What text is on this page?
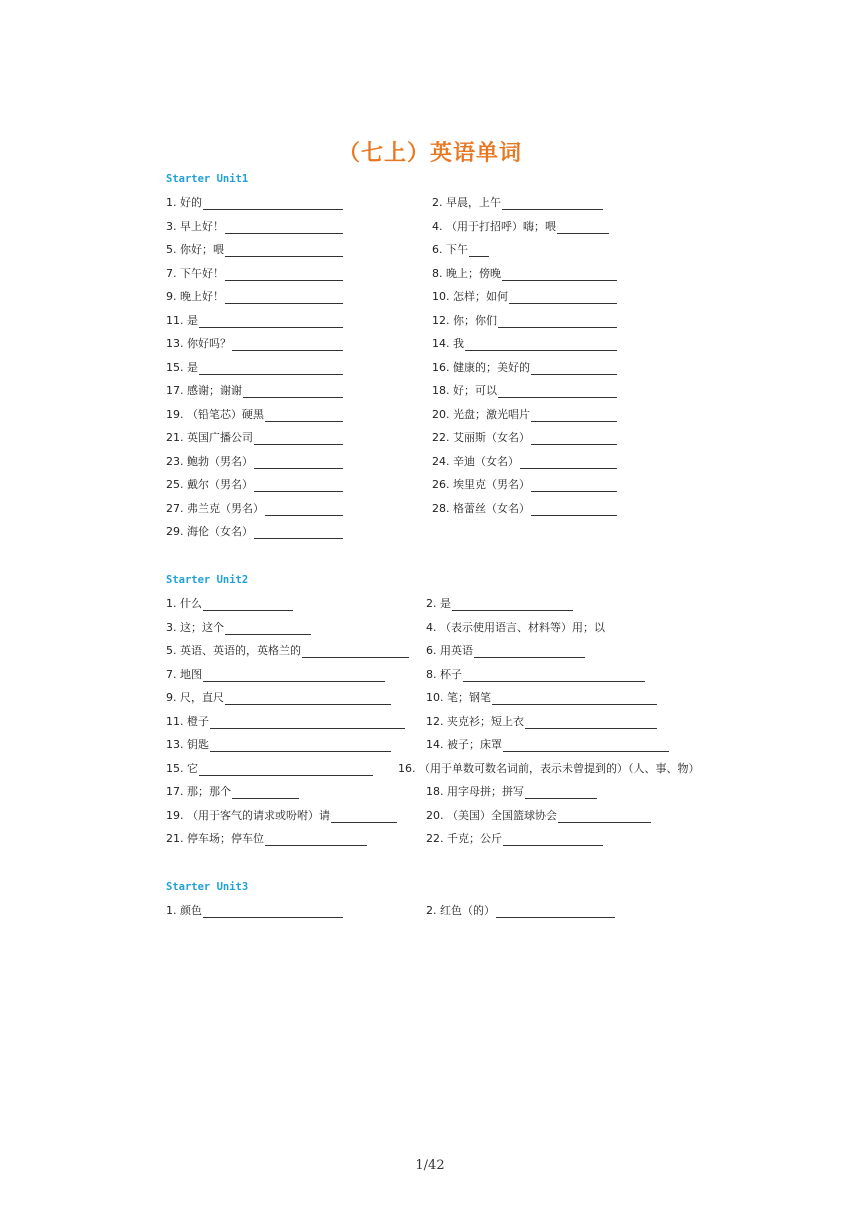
（七上）英语单词
Starter Unit1
Starter Unit2
Starter Unit3
1. 好的	2. 早晨，上午
3. 早上好！	4. （用于打招呼）嗨；喂
5. 你好；喂	6. 下午
7. 下午好！	8. 晚上；傍晚
9. 晚上好！	10. 怎样；如何
11. 是	12. 你；你们
13. 你好吗？	14. 我
15. 是	16. 健康的；美好的
17. 感谢；谢谢	18. 好；可以
19. （铅笔芯）硬黑	20. 光盘；激光唱片
21. 英国广播公司	22. 艾丽斯（女名）
23. 鲍勃（男名）	24. 辛迪（女名）
25. 戴尔（男名）	26. 埃里克（男名）
27. 弗兰克（男名）	28. 格蕾丝（女名）
29. 海伦（女名）
1. 什么	2. 是
3. 这；这个	4. （表示使用语言、材料等）用；以
5. 英语、英语的，英格兰的	6. 用英语
7. 地图	8. 杯子
9. 尺，直尺	10. 笔；钢笔
11. 橙子	12. 夹克衫；短上衣
13. 钥匙	14. 被子；床罩
15. 它	16. （用于单数可数名词前，表示未曾提到的）（人、事、物）
17. 那；那个	18. 用字母拼；拼写
19. （用于客气的请求或吩咐）请	20. （美国）全国篮球协会
21. 停车场；停车位	22. 千克；公斤
1. 颜色	2. 红色（的）
1/42
